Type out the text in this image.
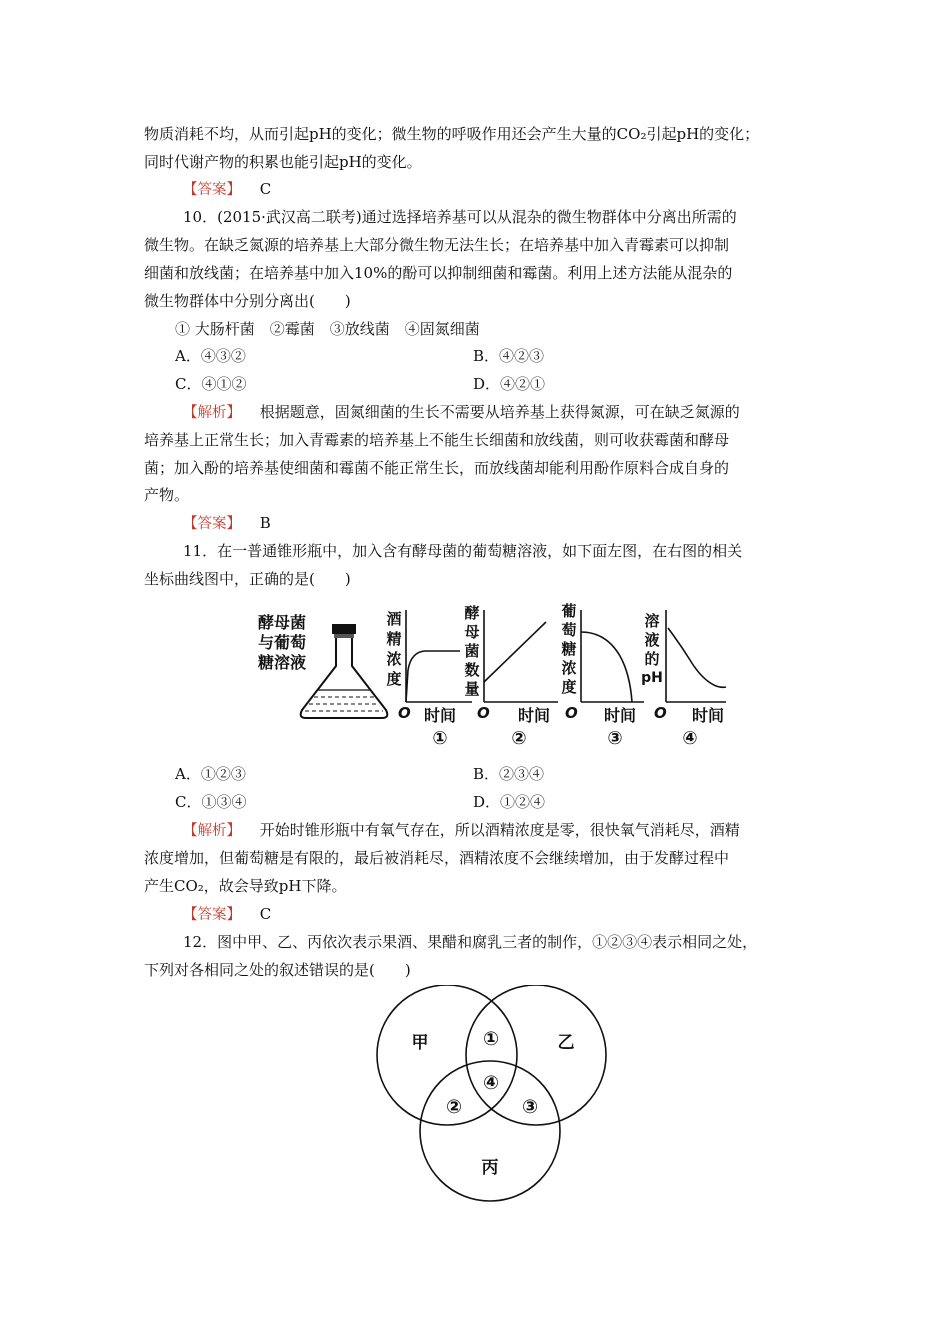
物质消耗不均，从而引起pH的变化；微生物的呼吸作用还会产生大量的CO₂引起pH的变化；
同时代谢产物的积累也能引起pH的变化。
【答案】 C
10．(2015·武汉高二联考)通过选择培养基可以从混杂的微生物群体中分离出所需的
微生物。在缺乏氮源的培养基上大部分微生物无法生长；在培养基中加入青霉素可以抑制
细菌和放线菌；在培养基中加入10%的酚可以抑制细菌和霉菌。利用上述方法能从混杂的
微生物群体中分别分离出(　　)
① 大肠杆菌　②霉菌　③放线菌　④固氮细菌
A．④③②	B．④②③
C．④①②	D．④②①
【解析】 根据题意，固氮细菌的生长不需要从培养基上获得氮源，可在缺乏氮源的
培养基上正常生长；加入青霉素的培养基上不能生长细菌和放线菌，则可收获霉菌和酵母
菌；加入酚的培养基使细菌和霉菌不能正常生长，而放线菌却能利用酚作原料合成自身的
产物。
【答案】 B
11．在一普通锥形瓶中，加入含有酵母菌的葡萄糖溶液，如下面左图，在右图的相关
坐标曲线图中，正确的是(　　)
酵母菌
与葡萄
糖溶液
酒
精
浓
度
O 时间
①
酵
母
菌
数
量
O 时间
②
葡
萄
糖
浓
度
O 时间
③
溶
液
的
pH
O 时间
④
A．①②③	B．②③④
C．①③④	D．①②④
【解析】 开始时锥形瓶中有氧气存在，所以酒精浓度是零，很快氧气消耗尽，酒精
浓度增加，但葡萄糖是有限的，最后被消耗尽，酒精浓度不会继续增加，由于发酵过程中
产生CO₂，故会导致pH下降。
【答案】 C
12．图中甲、乙、丙依次表示果酒、果醋和腐乳三者的制作，①②③④表示相同之处，
下列对各相同之处的叙述错误的是(　　)
甲	乙
丙
①
②	③
④
